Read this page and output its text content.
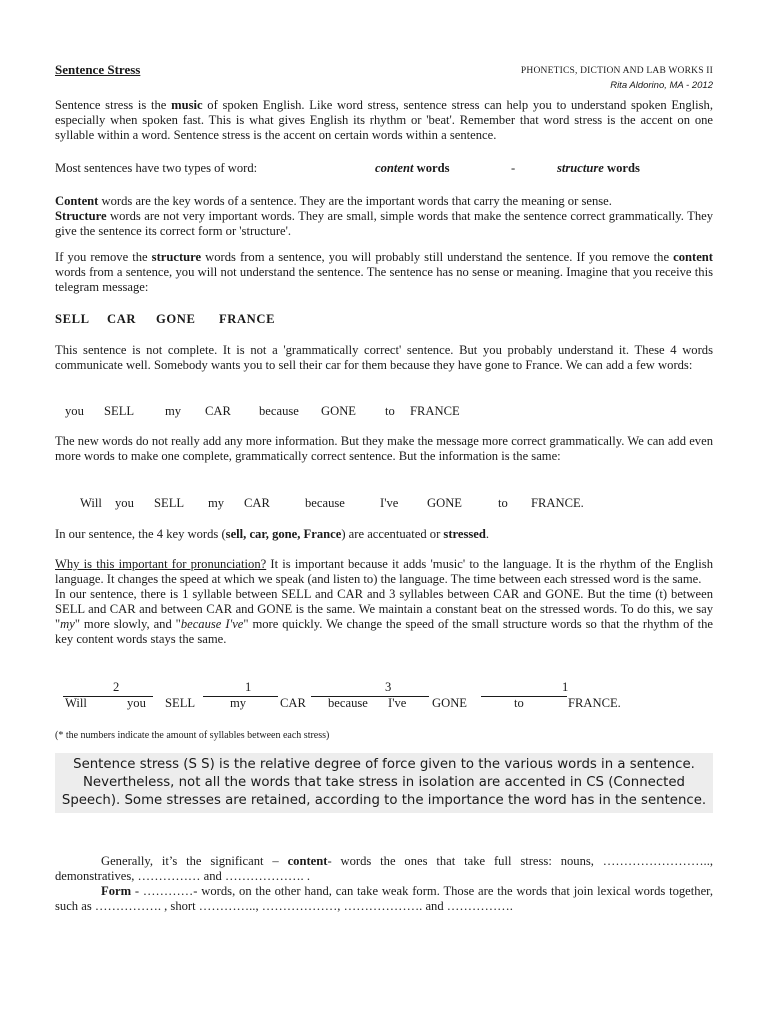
Sentence Stress	PHONETICS, DICTION AND LAB WORKS II
Rita Aldorino, MA - 2012

Sentence stress is the music of spoken English. Like word stress, sentence stress can help you to understand spoken English, especially when spoken fast. This is what gives English its rhythm or 'beat'. Remember that word stress is the accent on one syllable within a word. Sentence stress is the accent on certain words within a sentence.

Most sentences have two types of word:	content words	-	structure words

Content words are the key words of a sentence. They are the important words that carry the meaning or sense.
Structure words are not very important words. They are small, simple words that make the sentence correct grammatically. They give the sentence its correct form or 'structure'.

If you remove the structure words from a sentence, you will probably still understand the sentence. If you remove the content words from a sentence, you will not understand the sentence. The sentence has no sense or meaning. Imagine that you receive this telegram message:

SELL CAR GONE FRANCE

This sentence is not complete. It is not a 'grammatically correct' sentence. But you probably understand it. These 4 words communicate well. Somebody wants you to sell their car for them because they have gone to France. We can add a few words:

you SELL my CAR because GONE to FRANCE

The new words do not really add any more information. But they make the message more correct grammatically. We can add even more words to make one complete, grammatically correct sentence. But the information is the same:

Will you SELL my CAR	because	I've GONE	to FRANCE.

In our sentence, the 4 key words (sell, car, gone, France) are accentuated or stressed.

Why is this important for pronunciation? It is important because it adds 'music' to the language. It is the rhythm of the English language. It changes the speed at which we speak (and listen to) the language. The time between each stressed word is the same.
In our sentence, there is 1 syllable between SELL and CAR and 3 syllables between CAR and GONE. But the time (t) between SELL and CAR and between CAR and GONE is the same. We maintain a constant beat on the stressed words. To do this, we say "my" more slowly, and "because I've" more quickly. We change the speed of the small structure words so that the rhythm of the key content words stays the same.

2	1	3	1
Will	you SELL	my	CAR because I've GONE	to	FRANCE.
(* the numbers indicate the amount of syllables between each stress)
Sentence stress (S S) is the relative degree of force given to the various words in a sentence. Nevertheless, not all the words that take stress in isolation are accented in CS (Connected Speech). Some stresses are retained, according to the importance the word has in the sentence.

Generally, it’s the significant – content- words the ones that take full stress: nouns, …………………….., demonstratives, …………… and ………………. .
Form - …………- words, on the other hand, can take weak form. Those are the words that join lexical words together, such as ……………. , short ………….., ………………, ………………. and …………….
